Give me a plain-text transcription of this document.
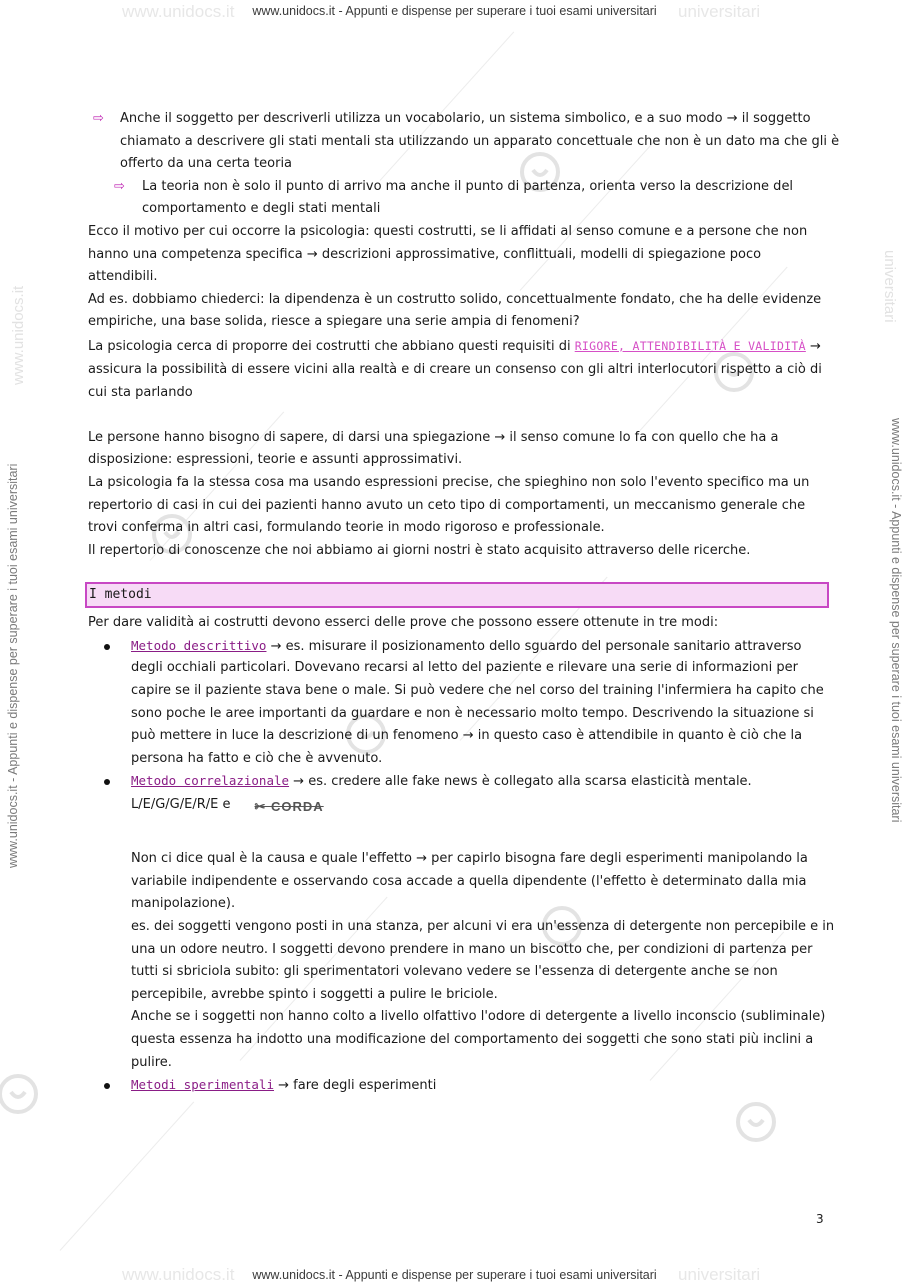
www.unidocs.it	universitari
www.unidocs.it - Appunti e dispense per superare i tuoi esami universitari
www.unidocs.it	universitari
www.unidocs.it - Appunti e dispense per superare i tuoi esami universitari
www.unidocs.it - Appunti e dispense per superare i tuoi esami universitari	www.unidocs.it - Appunti e dispense per superare i tuoi esami universitari
www.unidocs.it	universitari
⇨ Anche il soggetto per descriverli utilizza un vocabolario, un sistema simbolico, e a suo modo → il soggetto
chiamato a descrivere gli stati mentali sta utilizzando un apparato concettuale che non è un dato ma che gli è
offerto da una certa teoria
⇨ La teoria non è solo il punto di arrivo ma anche il punto di partenza, orienta verso la descrizione del
comportamento e degli stati mentali
Ecco il motivo per cui occorre la psicologia: questi costrutti, se li affidati al senso comune e a persone che non
hanno una competenza specifica → descrizioni approssimative, conflittuali, modelli di spiegazione poco
attendibili.
Ad es. dobbiamo chiederci: la dipendenza è un costrutto solido, concettualmente fondato, che ha delle evidenze
empiriche, una base solida, riesce a spiegare una serie ampia di fenomeni?
La psicologia cerca di proporre dei costrutti che abbiano questi requisiti di RIGORE, ATTENDIBILITÀ E VALIDITÀ →
assicura la possibilità di essere vicini alla realtà e di creare un consenso con gli altri interlocutori rispetto a ciò di
cui sta parlando
Le persone hanno bisogno di sapere, di darsi una spiegazione → il senso comune lo fa con quello che ha a
disposizione: espressioni, teorie e assunti approssimativi.
La psicologia fa la stessa cosa ma usando espressioni precise, che spieghino non solo l'evento specifico ma un
repertorio di casi in cui dei pazienti hanno avuto un ceto tipo di comportamenti, un meccanismo generale che
trovi conferma in altri casi, formulando teorie in modo rigoroso e professionale.
Il repertorio di conoscenze che noi abbiamo ai giorni nostri è stato acquisito attraverso delle ricerche.
I metodi
Per dare validità ai costrutti devono esserci delle prove che possono essere ottenute in tre modi:
Metodo descrittivo → es. misurare il posizionamento dello sguardo del personale sanitario attraverso
degli occhiali particolari. Dovevano recarsi al letto del paziente e rilevare una serie di informazioni per
capire se il paziente stava bene o male. Si può vedere che nel corso del training l'infermiera ha capito che
sono poche le aree importanti da guardare e non è necessario molto tempo. Descrivendo la situazione si
può mettere in luce la descrizione di un fenomeno → in questo caso è attendibile in quanto è ciò che la
persona ha fatto e ciò che è avvenuto.
Metodo correlazionale → es. credere alle fake news è collegato alla scarsa elasticità mentale.
L/E/G/G/E/R/E e ✂ CORDA
Non ci dice qual è la causa e quale l'effetto → per capirlo bisogna fare degli esperimenti manipolando la
variabile indipendente e osservando cosa accade a quella dipendente (l'effetto è determinato dalla mia
manipolazione).
es. dei soggetti vengono posti in una stanza, per alcuni vi era un'essenza di detergente non percepibile e in
una un odore neutro. I soggetti devono prendere in mano un biscotto che, per condizioni di partenza per
tutti si sbriciola subito: gli sperimentatori volevano vedere se l'essenza di detergente anche se non
percepibile, avrebbe spinto i soggetti a pulire le briciole.
Anche se i soggetti non hanno colto a livello olfattivo l'odore di detergente a livello inconscio (subliminale)
questa essenza ha indotto una modificazione del comportamento dei soggetti che sono stati più inclini a
pulire.
Metodi sperimentali → fare degli esperimenti
3
